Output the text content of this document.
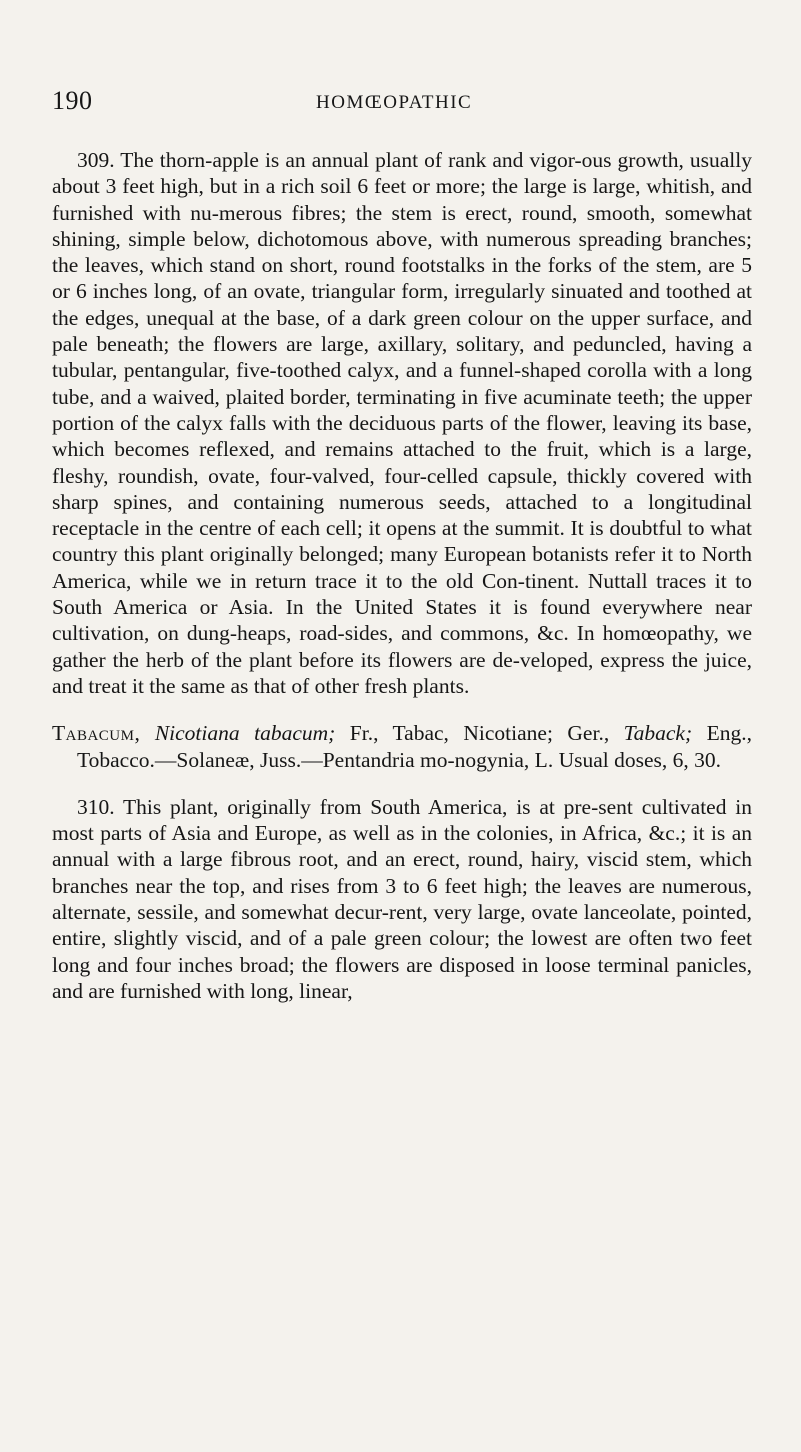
190	HOMŒOPATHIC

309. The thorn-apple is an annual plant of rank and vigor-ous growth, usually about 3 feet high, but in a rich soil 6 feet or more; the large is large, whitish, and furnished with nu-merous fibres; the stem is erect, round, smooth, somewhat shining, simple below, dichotomous above, with numerous spreading branches; the leaves, which stand on short, round footstalks in the forks of the stem, are 5 or 6 inches long, of an ovate, triangular form, irregularly sinuated and toothed at the edges, unequal at the base, of a dark green colour on the upper surface, and pale beneath; the flowers are large, axillary, solitary, and peduncled, having a tubular, pentangular, five-toothed calyx, and a funnel-shaped corolla with a long tube, and a waived, plaited border, terminating in five acuminate teeth; the upper portion of the calyx falls with the deciduous parts of the flower, leaving its base, which becomes reflexed, and remains attached to the fruit, which is a large, fleshy, roundish, ovate, four-valved, four-celled capsule, thickly covered with sharp spines, and containing numerous seeds, attached to a longitudinal receptacle in the centre of each cell; it opens at the summit. It is doubtful to what country this plant originally belonged; many European botanists refer it to North America, while we in return trace it to the old Con-tinent. Nuttall traces it to South America or Asia. In the United States it is found everywhere near cultivation, on dung-heaps, road-sides, and commons, &c. In homœopathy, we gather the herb of the plant before its flowers are de-veloped, express the juice, and treat it the same as that of other fresh plants.

Tabacum, Nicotiana tabacum; Fr., Tabac, Nicotiane; Ger., Taback; Eng., Tobacco.—Solaneæ, Juss.—Pentandria mo-nogynia, L. Usual doses, 6, 30.

310. This plant, originally from South America, is at pre-sent cultivated in most parts of Asia and Europe, as well as in the colonies, in Africa, &c.; it is an annual with a large fibrous root, and an erect, round, hairy, viscid stem, which branches near the top, and rises from 3 to 6 feet high; the leaves are numerous, alternate, sessile, and somewhat decur-rent, very large, ovate lanceolate, pointed, entire, slightly viscid, and of a pale green colour; the lowest are often two feet long and four inches broad; the flowers are disposed in loose terminal panicles, and are furnished with long, linear,
